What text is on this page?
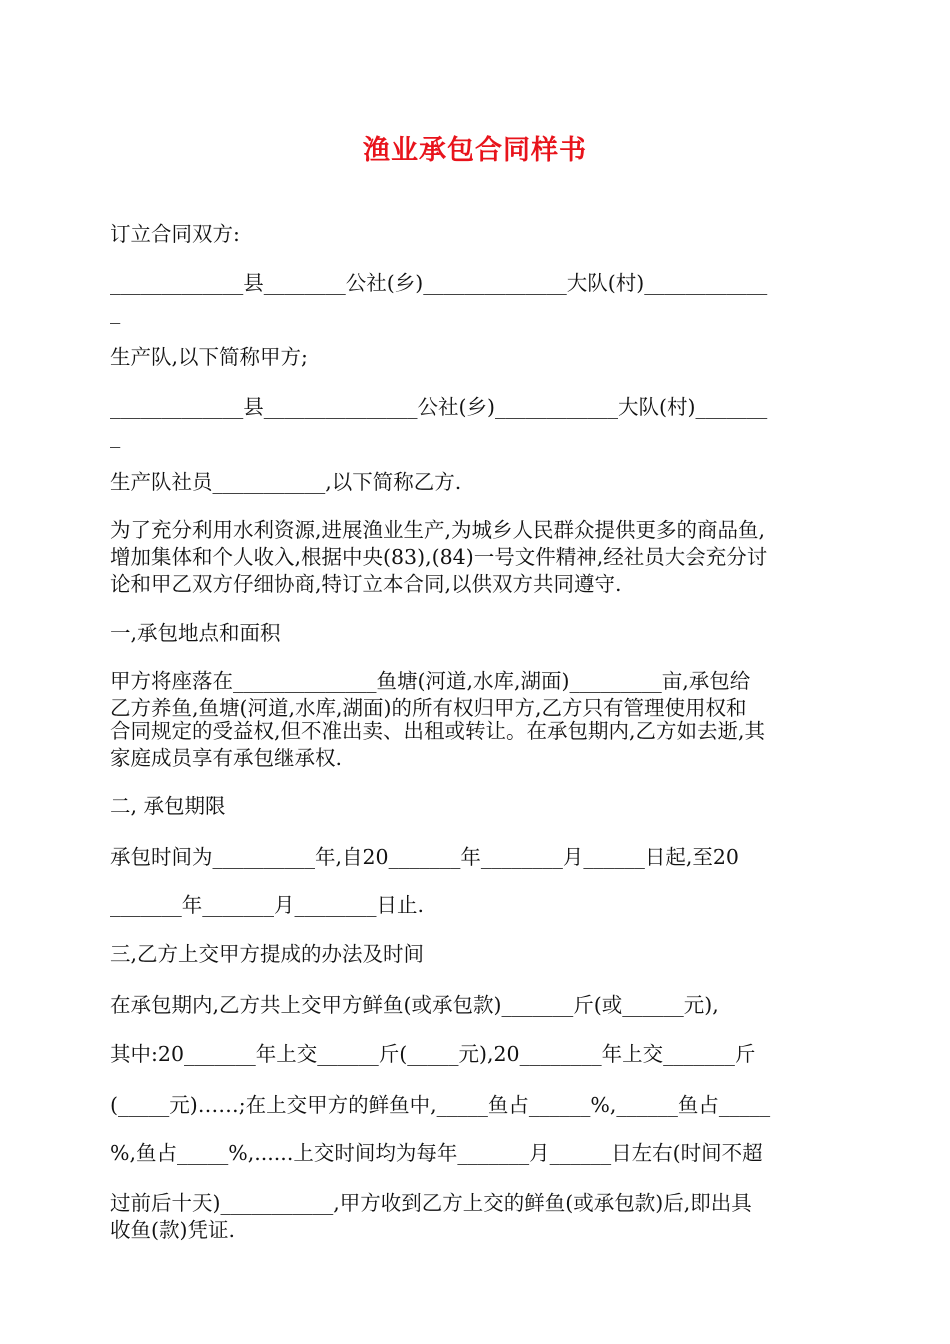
渔业承包合同样书
订立合同双方:
_____________县________公社(乡)______________大队(村)____________
_
生产队,以下简称甲方;
_____________县_______________公社(乡)____________大队(村)_______
_
生产队社员___________,以下简称乙方.
为了充分利用水利资源,进展渔业生产,为城乡人民群众提供更多的商品鱼,
增加集体和个人收入,根据中央(83),(84)一号文件精神,经社员大会充分讨
论和甲乙双方仔细协商,特订立本合同,以供双方共同遵守.
一,承包地点和面积
甲方将座落在______________鱼塘(河道,水库,湖面)_________亩,承包给
乙方养鱼,鱼塘(河道,水库,湖面)的所有权归甲方,乙方只有管理使用权和
合同规定的受益权,但不准出卖、出租或转让。在承包期内,乙方如去逝,其
家庭成员享有承包继承权.
二, 承包期限
承包时间为__________年,自20_______年________月______日起,至20
_______年_______月________日止.
三,乙方上交甲方提成的办法及时间
在承包期内,乙方共上交甲方鲜鱼(或承包款)_______斤(或______元),
其中:20_______年上交______斤(_____元),20________年上交_______斤
(_____元)……;在上交甲方的鲜鱼中,_____鱼占______%,______鱼占_____
%,鱼占_____%,......上交时间均为每年_______月______日左右(时间不超
过前后十天)___________,甲方收到乙方上交的鲜鱼(或承包款)后,即出具
收鱼(款)凭证.
